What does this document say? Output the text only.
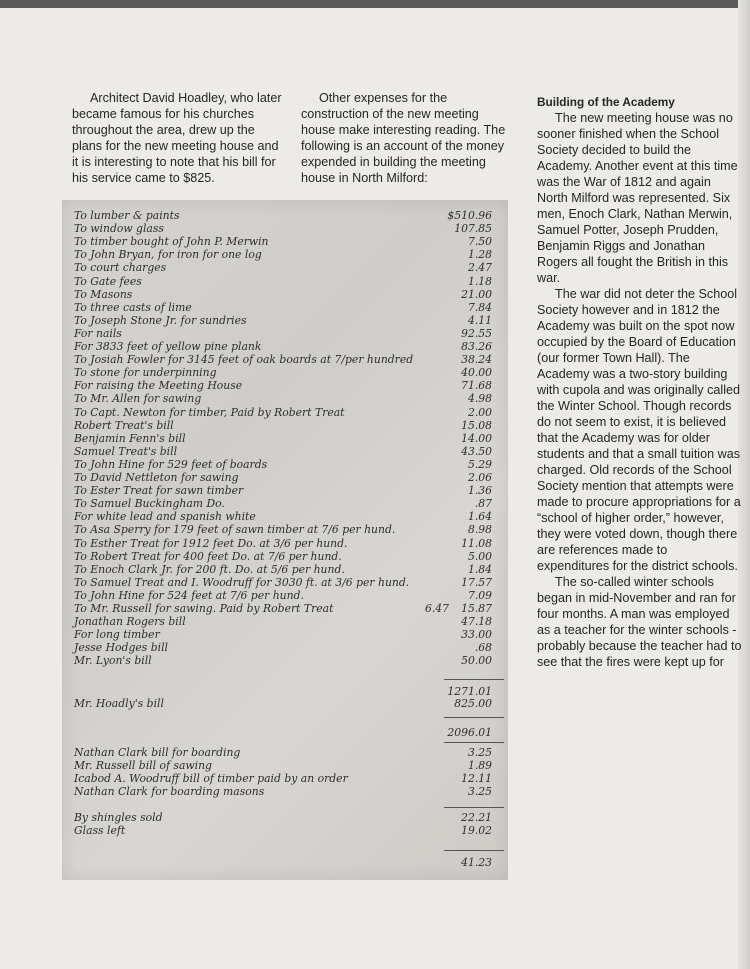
Architect David Hoadley, who later became famous for his churches throughout the area, drew up the plans for the new meeting house and it is interesting to note that his bill for his service came to $825.

Other expenses for the construction of the new meeting house make interesting reading. The following is an account of the money expended in building the meeting house in North Milford:

Building of the Academy

The new meeting house was no sooner finished when the School Society decided to build the Academy. Another event at this time was the War of 1812 and again North Milford was represented. Six men, Enoch Clark, Nathan Merwin, Samuel Potter, Joseph Prudden, Benjamin Riggs and Jonathan Rogers all fought the British in this war.

The war did not deter the School Society however and in 1812 the Academy was built on the spot now occupied by the Board of Education (our former Town Hall). The Academy was a two-story building with cupola and was originally called the Winter School. Though records do not seem to exist, it is believed that the Academy was for older students and that a small tuition was charged. Old records of the School Society mention that attempts were made to procure appropriations for a “school of higher order,” however, they were voted down, though there are references made to expenditures for the district schools.

The so-called winter schools began in mid-November and ran for four months. A man was employed as a teacher for the winter schools - probably because the teacher had to see that the fires were kept up for

To lumber & paints	$510.96
To window glass	107.85
To timber bought of John P. Merwin	7.50
To John Bryan, for iron for one log	1.28
To court charges	2.47
To Gate fees	1.18
To Masons	21.00
To three casts of lime	7.84
To Joseph Stone Jr. for sundries	4.11
For nails	92.55
For 3833 feet of yellow pine plank	83.26
To Josiah Fowler for 3145 feet of oak boards at 7/per hundred	38.24
To stone for underpinning	40.00
For raising the Meeting House	71.68
To Mr. Allen for sawing	4.98
To Capt. Newton for timber, Paid by Robert Treat	2.00
Robert Treat's bill	15.08
Benjamin Fenn's bill	14.00
Samuel Treat's bill	43.50
To John Hine for 529 feet of boards	5.29
To David Nettleton for sawing	2.06
To Ester Treat for sawn timber	1.36
To Samuel Buckingham Do.	.87
For white lead and spanish white	1.64
To Asa Sperry for 179 feet of sawn timber at 7/6 per hund.	8.98
To Esther Treat for 1912 feet Do. at 3/6 per hund.	11.08
To Robert Treat for 400 feet Do. at 7/6 per hund.	5.00
To Enoch Clark Jr. for 200 ft. Do. at 5/6 per hund.	1.84
To Samuel Treat and I. Woodruff for 3030 ft. at 3/6 per hund.	17.57
To John Hine for 524 feet at 7/6 per hund.	7.09
To Mr. Russell for sawing. Paid by Robert Treat	6.47 15.87
Jonathan Rogers bill	47.18
For long timber	33.00
Jesse Hodges bill	.68
Mr. Lyon's bill	50.00
1271.01
Mr. Hoadly's bill	825.00
2096.01
Nathan Clark bill for boarding	3.25
Mr. Russell bill of sawing	1.89
Icabod A. Woodruff bill of timber paid by an order	12.11
Nathan Clark for boarding masons	3.25
By shingles sold	22.21
Glass left	19.02
41.23
